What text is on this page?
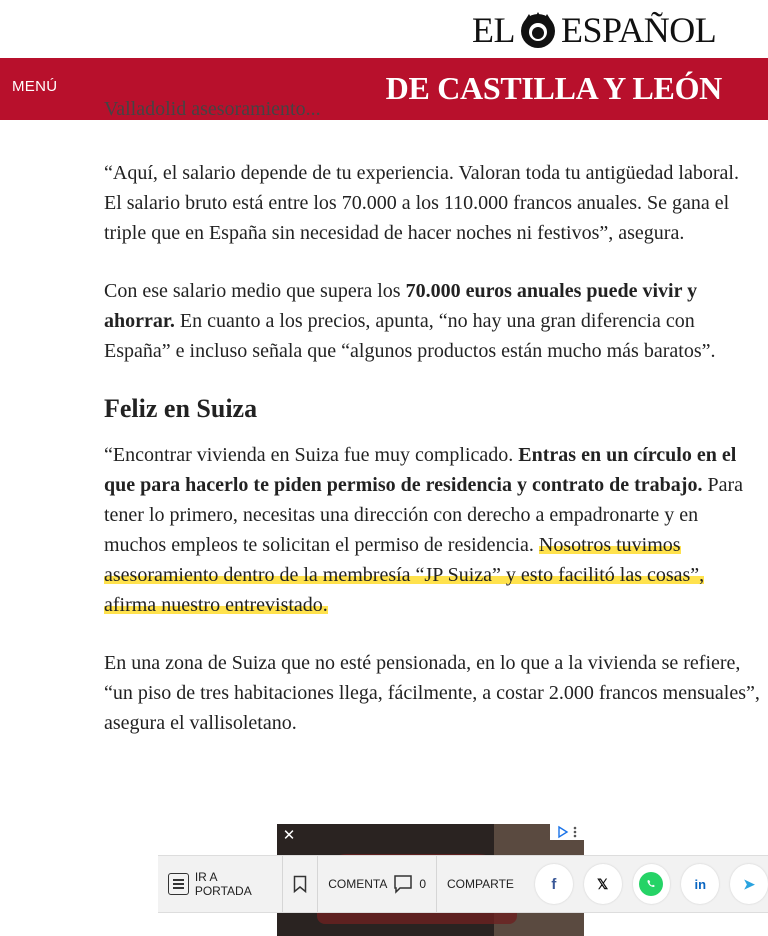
EL ESPAÑOL
MENÚ	DE CASTILLA Y LEÓN
Valladolid asesoramiento...

“Aquí, el salario depende de tu experiencia. Valoran toda tu antigüedad laboral. El salario bruto está entre los 70.000 a los 110.000 francos anuales. Se gana el triple que en España sin necesidad de hacer noches ni festivos”, asegura.

Con ese salario medio que supera los 70.000 euros anuales puede vivir y ahorrar. En cuanto a los precios, apunta, “no hay una gran diferencia con España” e incluso señala que “algunos productos están mucho más baratos”.

Feliz en Suiza

“Encontrar vivienda en Suiza fue muy complicado. Entras en un círculo en el que para hacerlo te piden permiso de residencia y contrato de trabajo. Para tener lo primero, necesitas una dirección con derecho a empadronarte y en muchos empleos te solicitan el permiso de residencia. Nosotros tuvimos asesoramiento dentro de la membresía “JP Suiza” y esto facilitó las cosas”, afirma nuestro entrevistado.

En una zona de Suiza que no esté pensionada, en lo que a la vivienda se refiere, “un piso de tres habitaciones llega, fácilmente, a costar 2.000 francos mensuales”, asegura el vallisoletano.

✕
IR A PORTADA	COMENTA	0 COMPARTE f	𝕏	in	➤
